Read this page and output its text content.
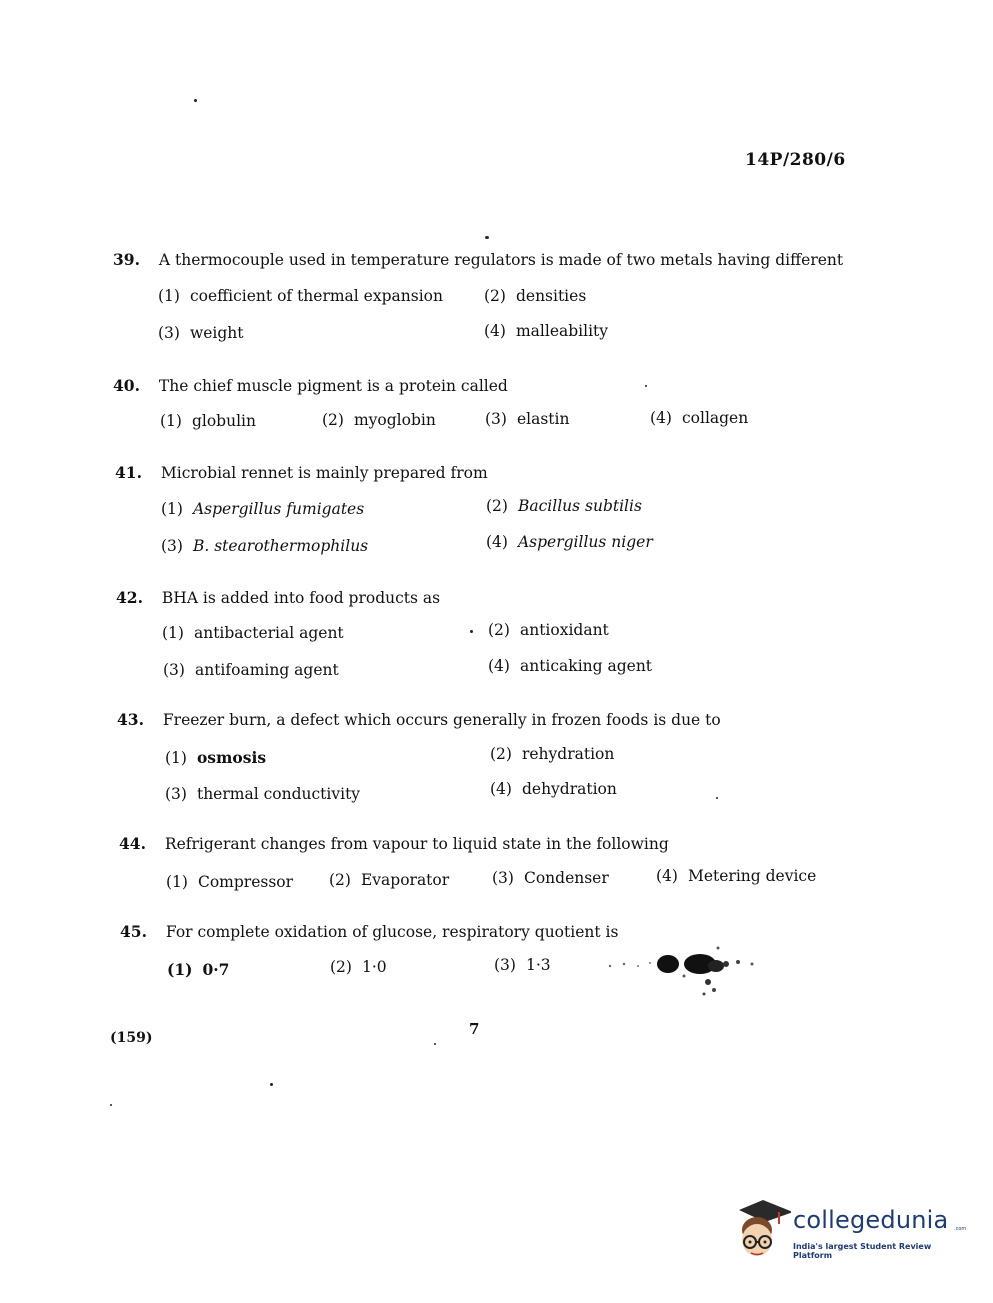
14P/280/6
39. A thermocouple used in temperature regulators is made of two metals having different
(1) coefficient of thermal expansion	(2) densities
(3) weight	(4) malleability
40. The chief muscle pigment is a protein called
(1) globulin	(2) myoglobin	(3) elastin	(4) collagen
41. Microbial rennet is mainly prepared from
(1) Aspergillus fumigates	(2) Bacillus subtilis
(3) B. stearothermophilus	(4) Aspergillus niger
42. BHA is added into food products as
(1) antibacterial agent	(2) antioxidant
(3) antifoaming agent	(4) anticaking agent
43. Freezer burn, a defect which occurs generally in frozen foods is due to
(1) osmosis	(2) rehydration
(3) thermal conductivity	(4) dehydration
44. Refrigerant changes from vapour to liquid state in the following
(1) Compressor (2) Evaporator	(3) Condenser	(4) Metering device
45. For complete oxidation of glucose, respiratory quotient is
(1) 0·7	(2) 1·0	(3) 1·3
(159)	7
collegedunia .com
India's largest Student Review Platform
